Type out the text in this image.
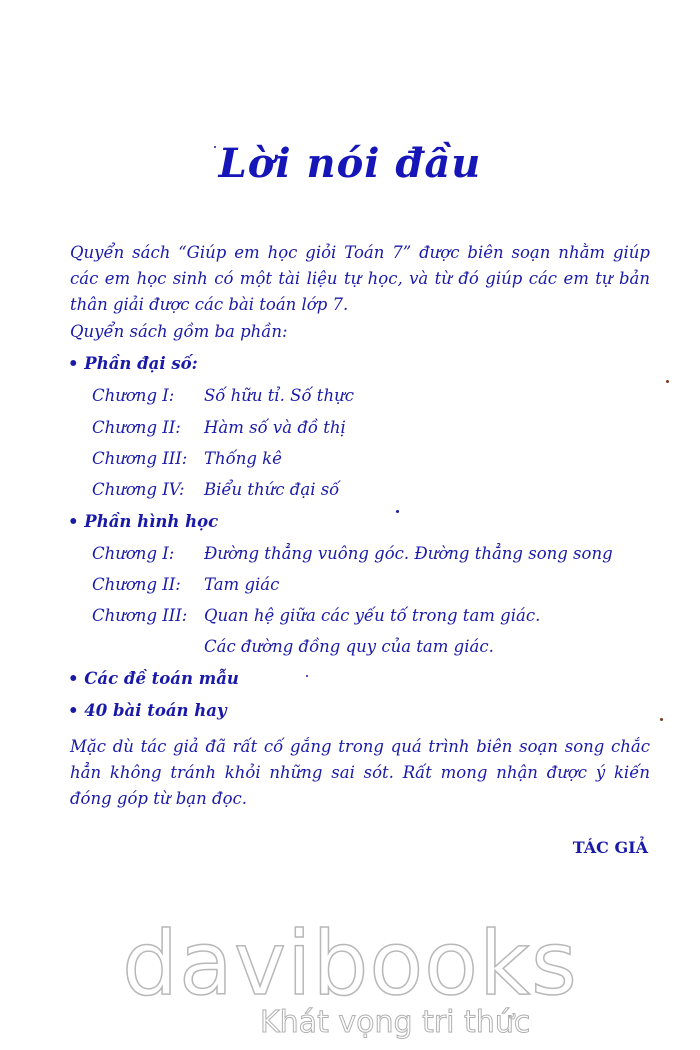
Lời nói đầu

Quyển sách “Giúp em học giỏi Toán 7” được biên soạn nhằm giúp các em học sinh có một tài liệu tự học, và từ đó giúp các em tự bản thân giải được các bài toán lớp 7.

Quyển sách gồm ba phần:
• Phần đại số:
Chương I: Số hữu tỉ. Số thực
Chương II: Hàm số và đồ thị
Chương III: Thống kê
Chương IV: Biểu thức đại số
• Phần hình học
Chương I: Đường thẳng vuông góc. Đường thẳng song song
Chương II: Tam giác
Chương III: Quan hệ giữa các yếu tố trong tam giác.
Các đường đồng quy của tam giác.
• Các đề toán mẫu
• 40 bài toán hay

Mặc dù tác giả đã rất cố gắng trong quá trình biên soạn song chắc hẳn không tránh khỏi những sai sót. Rất mong nhận được ý kiến đóng góp từ bạn đọc.

TÁC GIẢ
davibooks
Khát vọng tri thức
